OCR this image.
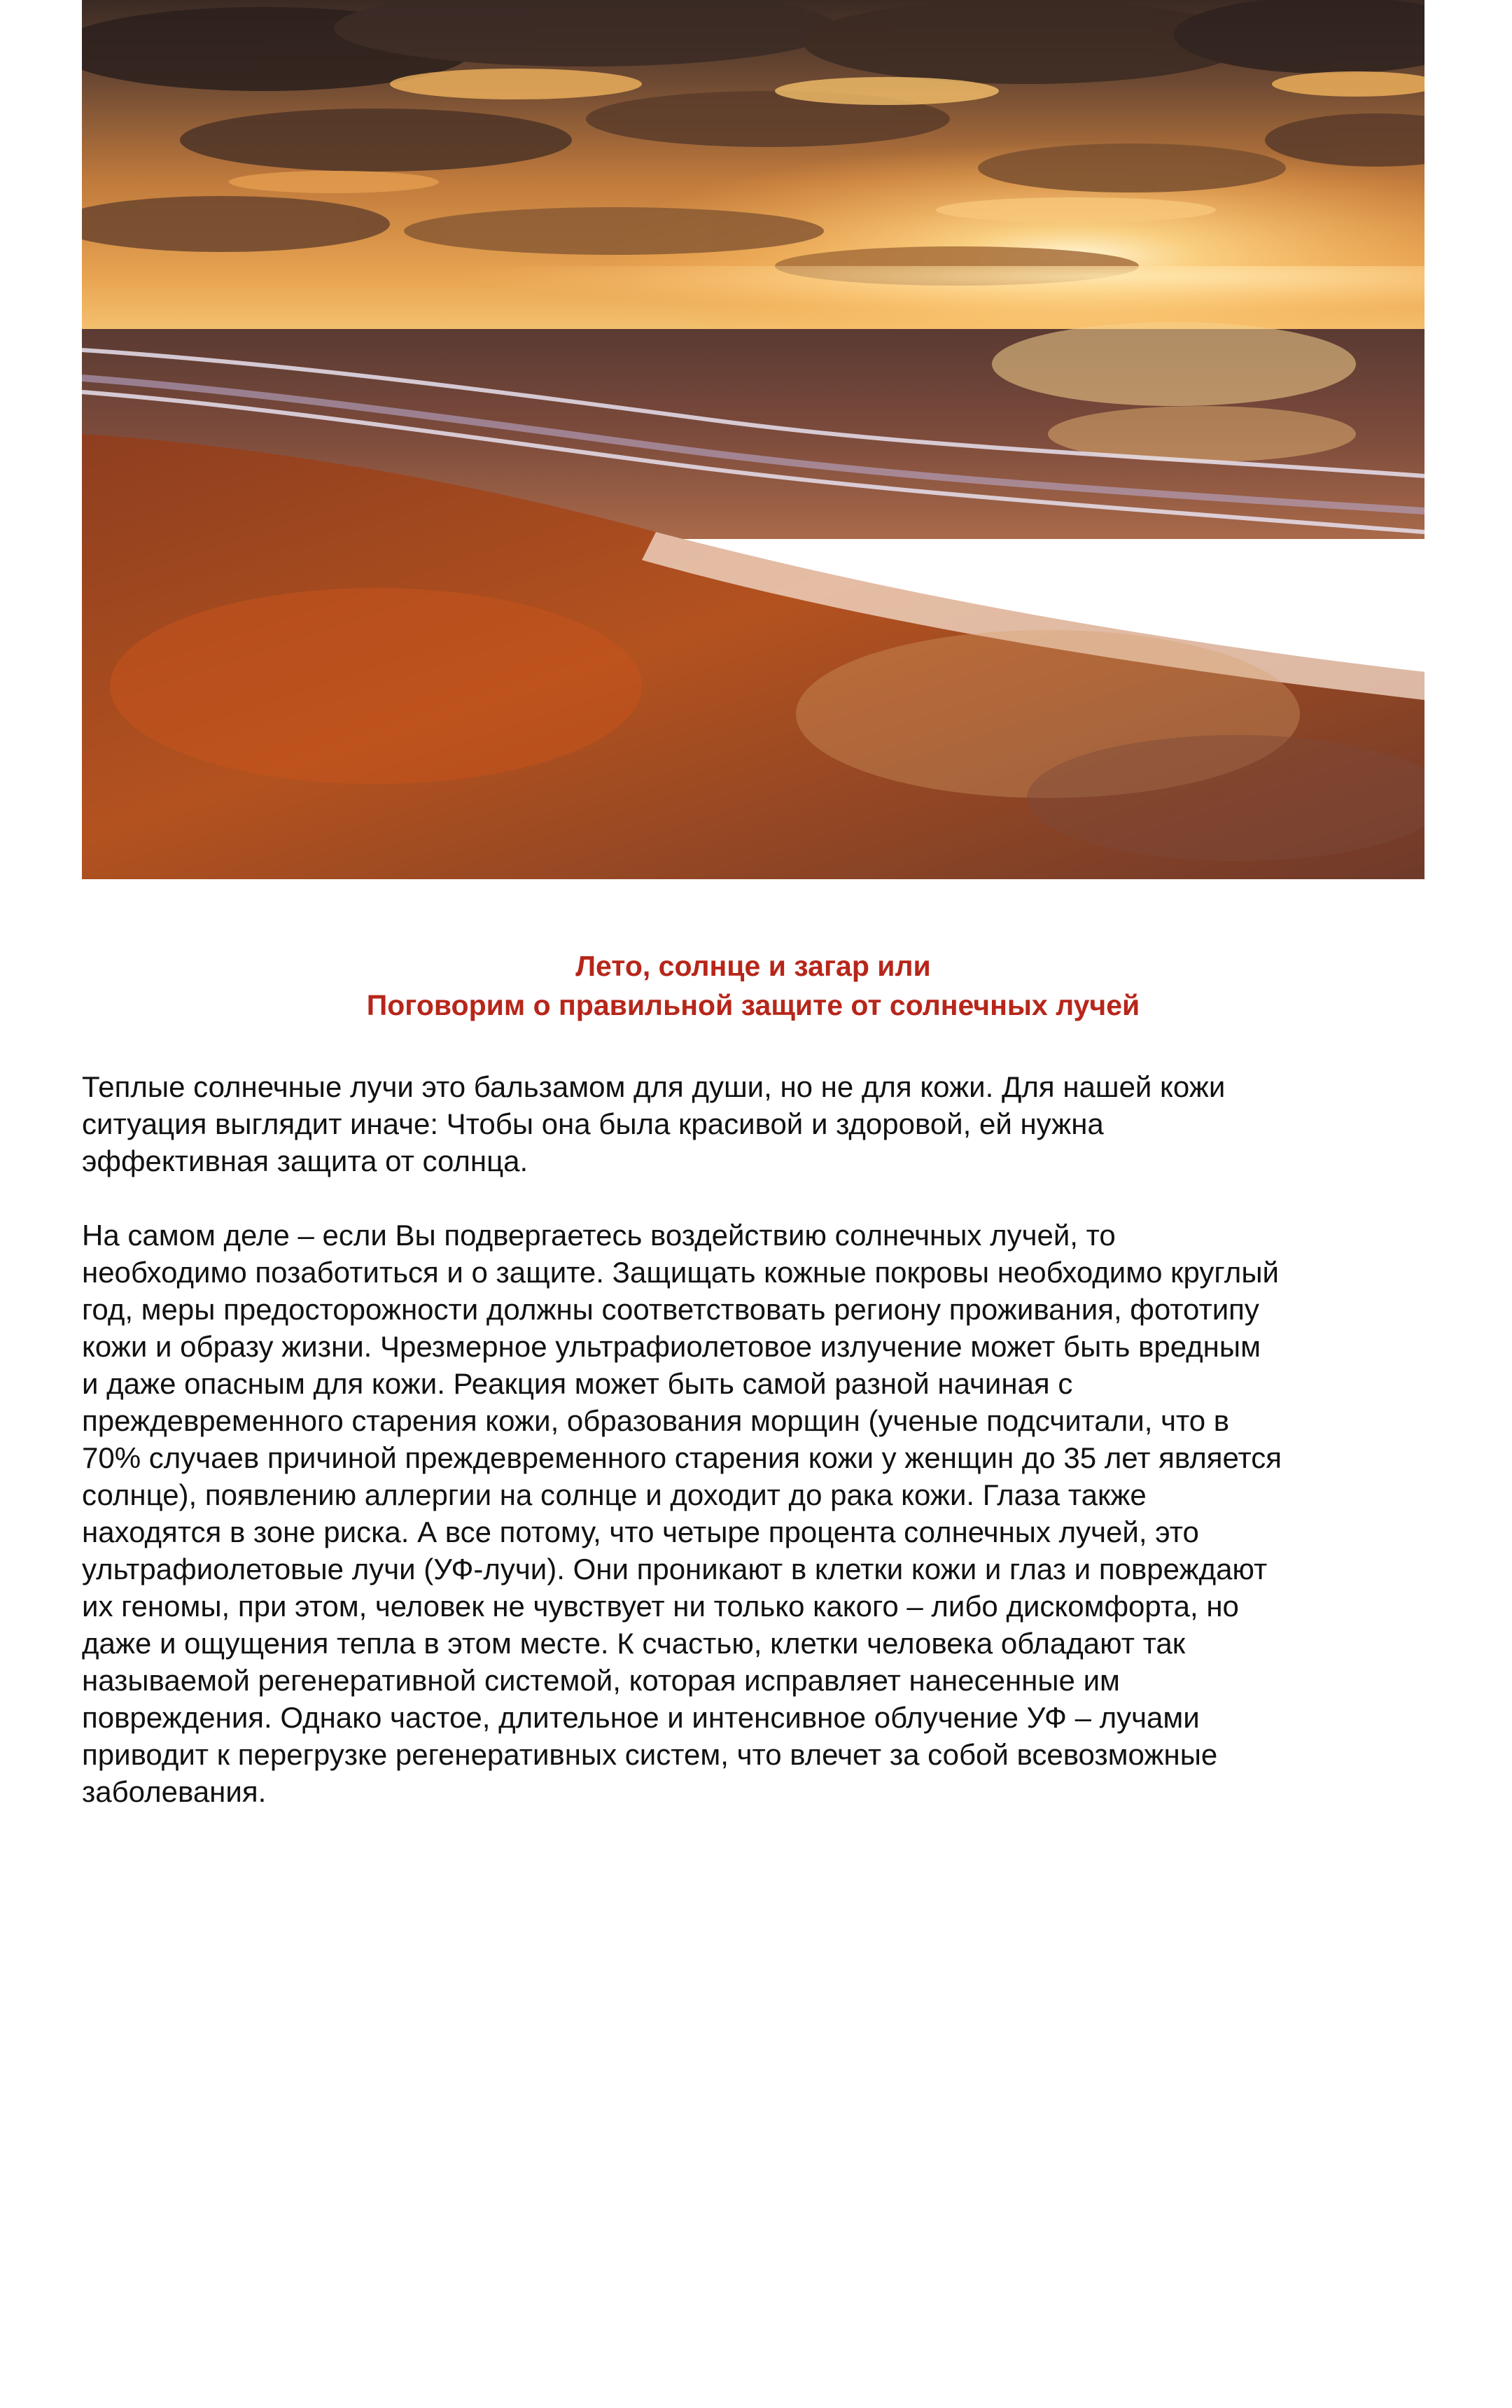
Лето, солнце и загар или
Поговорим о правильной защите от солнечных лучей
Теплые солнечные лучи это бальзамом для души, но не для кожи. Для нашей кожи
ситуация выглядит иначе: Чтобы она была красивой и здоровой, ей нужна
эффективная защита от солнца.
На самом деле – если Вы подвергаетесь воздействию солнечных лучей, то
необходимо позаботиться и о защите. Защищать кожные покровы необходимо круглый
год, меры предосторожности должны соответствовать региону проживания, фототипу
кожи и образу жизни. Чрезмерное ультрафиолетовое излучение может быть вредным
и даже опасным для кожи. Реакция может быть самой разной начиная с
преждевременного старения кожи, образования морщин (ученые подсчитали, что в
70% случаев причиной преждевременного старения кожи у женщин до 35 лет является
солнце), появлению аллергии на солнце и доходит до рака кожи. Глаза также
находятся в зоне риска. А все потому, что четыре процента солнечных лучей, это
ультрафиолетовые лучи (УФ-лучи). Они проникают в клетки кожи и глаз и повреждают
их геномы, при этом, человек не чувствует ни только какого – либо дискомфорта, но
даже и ощущения тепла в этом месте. К счастью, клетки человека обладают так
называемой регенеративной системой, которая исправляет нанесенные им
повреждения. Однако частое, длительное и интенсивное облучение УФ – лучами
приводит к перегрузке регенеративных систем, что влечет за собой всевозможные
заболевания.
